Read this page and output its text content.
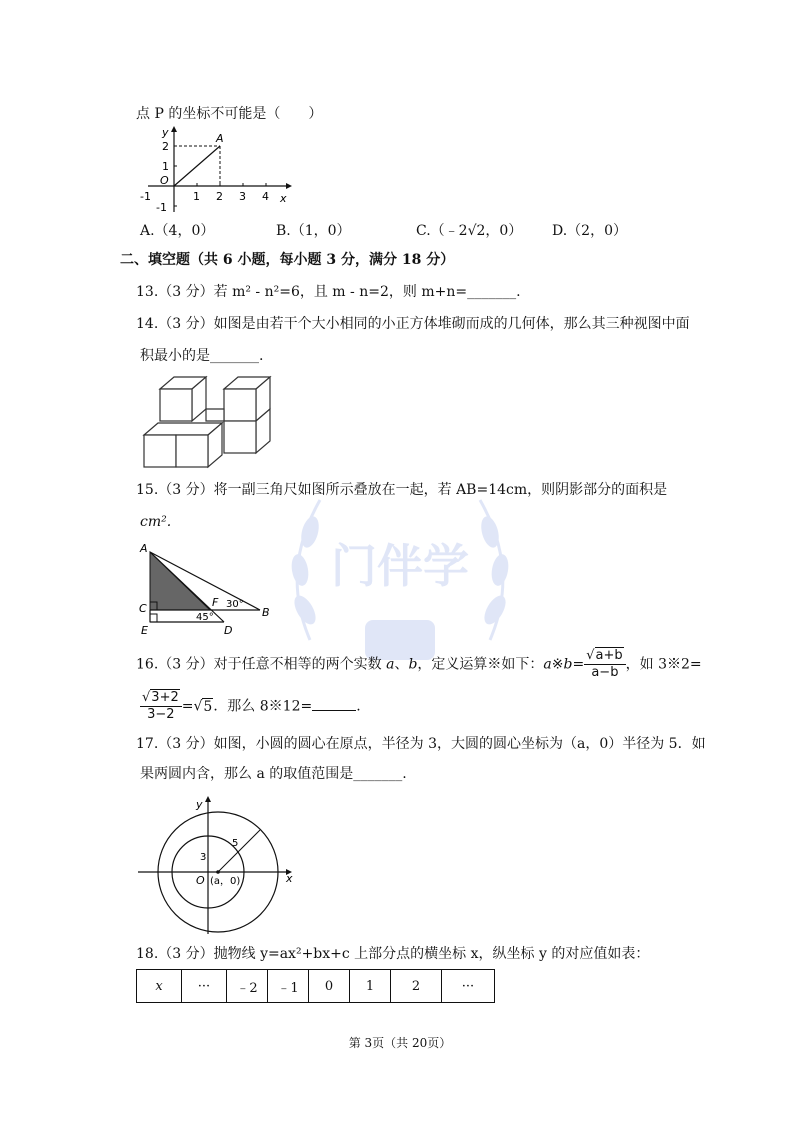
门伴学
点 P 的坐标不可能是（　　）
y
x
A
O
2
1
-1
-1	1 2 3 4
A.（4，0）	B.（1，0）	C.（﹣2√2，0） D.（2，0）
二、填空题（共 6 小题，每小题 3 分，满分 18 分）
13.（3 分）若 m² - n²=6，且 m - n=2，则 m+n=_______.
14.（3 分）如图是由若干个大小相同的小正方体堆砌而成的几何体，那么其三种视图中面
积最小的是_______.
15.（3 分）将一副三角尺如图所示叠放在一起，若 AB=14cm，则阴影部分的面积是
cm².
A
B
C
E	D
F 30°
45°
16.（3 分）对于任意不相等的两个实数 a、b，定义运算※如下：a※b= $\frac{√a+b}{a-b}$ ，如 3※2=
$\frac{√3+2}{3-2} =√5$．那么 8※12=	.
17.（3 分）如图，小圆的圆心在原点，半径为 3，大圆的圆心坐标为（a，0）半径为 5．如
果两圆内含，那么 a 的取值范围是_______.
y
x
O
3
5
(a，0)
18.（3 分）抛物线 y=ax²+bx+c 上部分点的横坐标 x，纵坐标 y 的对应值如表：
x	···	﹣2	﹣1	0	1	2	···
第 3页（共 20页）
